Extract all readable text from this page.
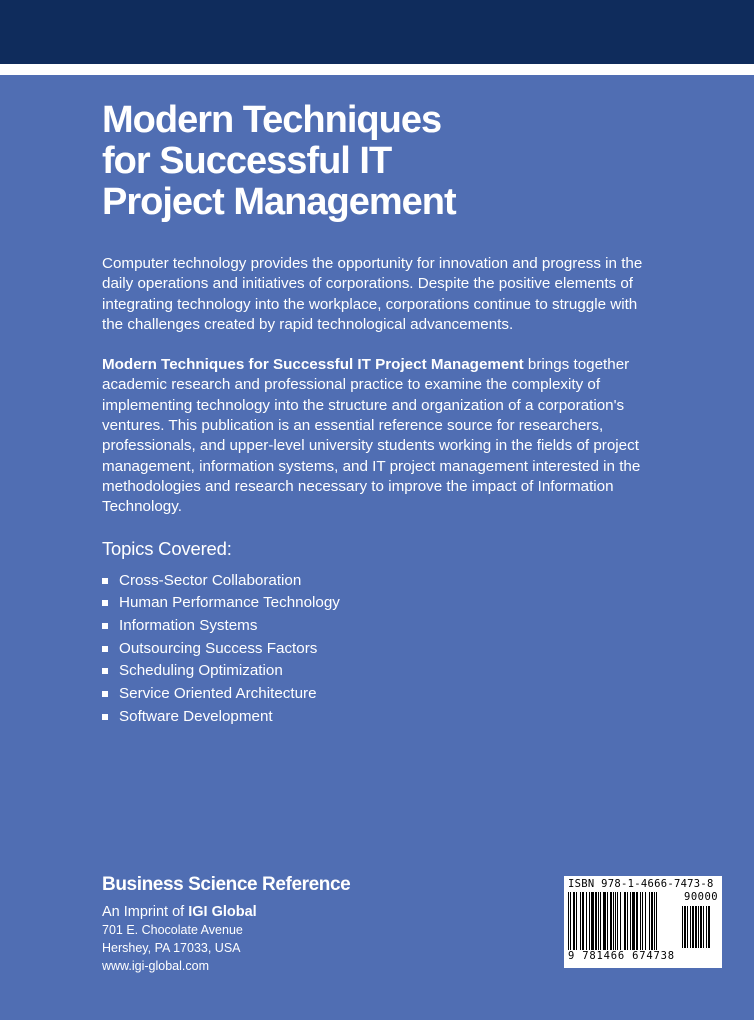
Modern Techniques
for Successful IT
Project Management

Computer technology provides the opportunity for innovation and progress in the daily operations and initiatives of corporations. Despite the positive elements of integrating technology into the workplace, corporations continue to struggle with the challenges created by rapid technological advancements.

Modern Techniques for Successful IT Project Management brings together academic research and professional practice to examine the complexity of implementing technology into the structure and organization of a corporation's ventures. This publication is an essential reference source for researchers, professionals, and upper-level university students working in the fields of project management, information systems, and IT project management interested in the methodologies and research necessary to improve the impact of Information Technology.

Topics Covered:
Cross-Sector Collaboration
Human Performance Technology
Information Systems
Outsourcing Success Factors
Scheduling Optimization
Service Oriented Architecture
Software Development
Business Science Reference
An Imprint of IGI Global
701 E. Chocolate Avenue
Hershey, PA 17033, USA
www.igi-global.com
ISBN 978-1-4666-7473-8
90000
9 781466 674738
